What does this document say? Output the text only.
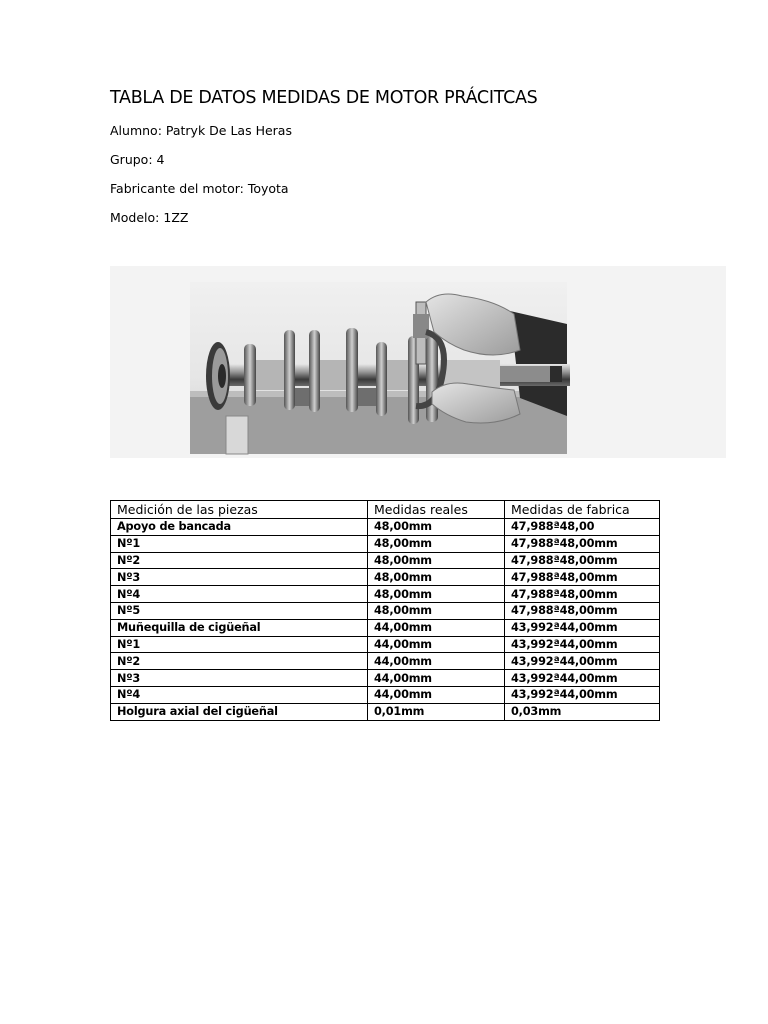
TABLA DE DATOS MEDIDAS DE MOTOR PRÁCITCAS
Alumno: Patryk De Las Heras
Grupo: 4
Fabricante del motor: Toyota
Modelo: 1ZZ
Medición de las piezas	Medidas reales	Medidas de fabrica
Apoyo de bancada	48,00mm	47,988ª48,00
Nº1	48,00mm	47,988ª48,00mm
Nº2	48,00mm	47,988ª48,00mm
Nº3	48,00mm	47,988ª48,00mm
Nº4	48,00mm	47,988ª48,00mm
Nº5	48,00mm	47,988ª48,00mm
Muñequilla de cigüeñal	44,00mm	43,992ª44,00mm
Nº1	44,00mm	43,992ª44,00mm
Nº2	44,00mm	43,992ª44,00mm
Nº3	44,00mm	43,992ª44,00mm
Nº4	44,00mm	43,992ª44,00mm
Holgura axial del cigüeñal	0,01mm	0,03mm
